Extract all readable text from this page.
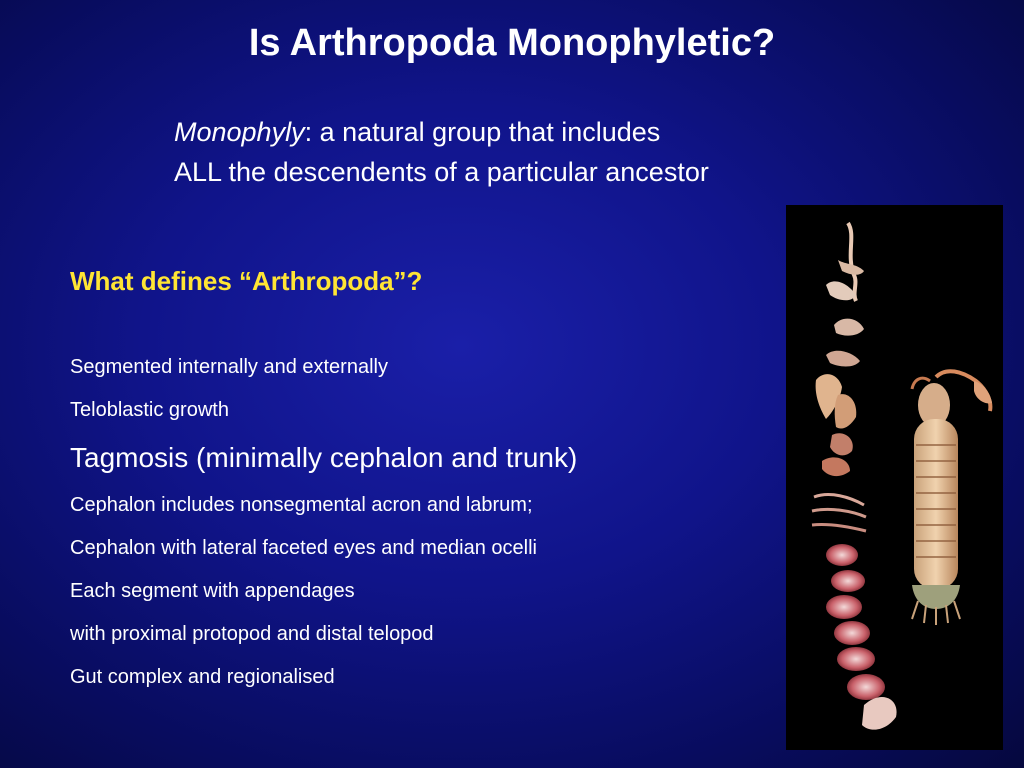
Is Arthropoda Monophyletic?
Monophyly: a natural group that includes
ALL the descendents of a particular ancestor
What defines “Arthropoda”?
Segmented internally and externally
Teloblastic growth
Tagmosis (minimally cephalon and trunk)
Cephalon includes nonsegmental acron and labrum;
Cephalon with lateral faceted eyes and median ocelli
Each segment with appendages
with proximal protopod and distal telopod
Gut complex and regionalised
